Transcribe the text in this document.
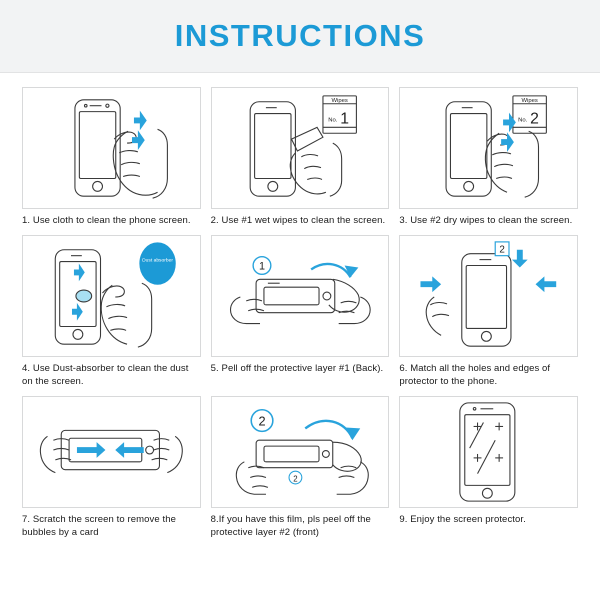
INSTRUCTIONS
1. Use cloth to clean the phone screen.
Wipes
No. 1
2. Use #1 wet wipes to clean the screen.
Wipes
No. 2
3. Use #2 dry wipes to clean the screen.
Dust absorber
4. Use Dust-absorber to clean the dust on the screen.
1
5. Pell off the protective layer #1 (Back).
2
6. Match all the holes and edges of protector to the phone.
7. Scratch the screen to remove the bubbles by a card
2
2
8.If you have this film, pls peel off the protective layer #2 (front)
9. Enjoy the screen protector.
